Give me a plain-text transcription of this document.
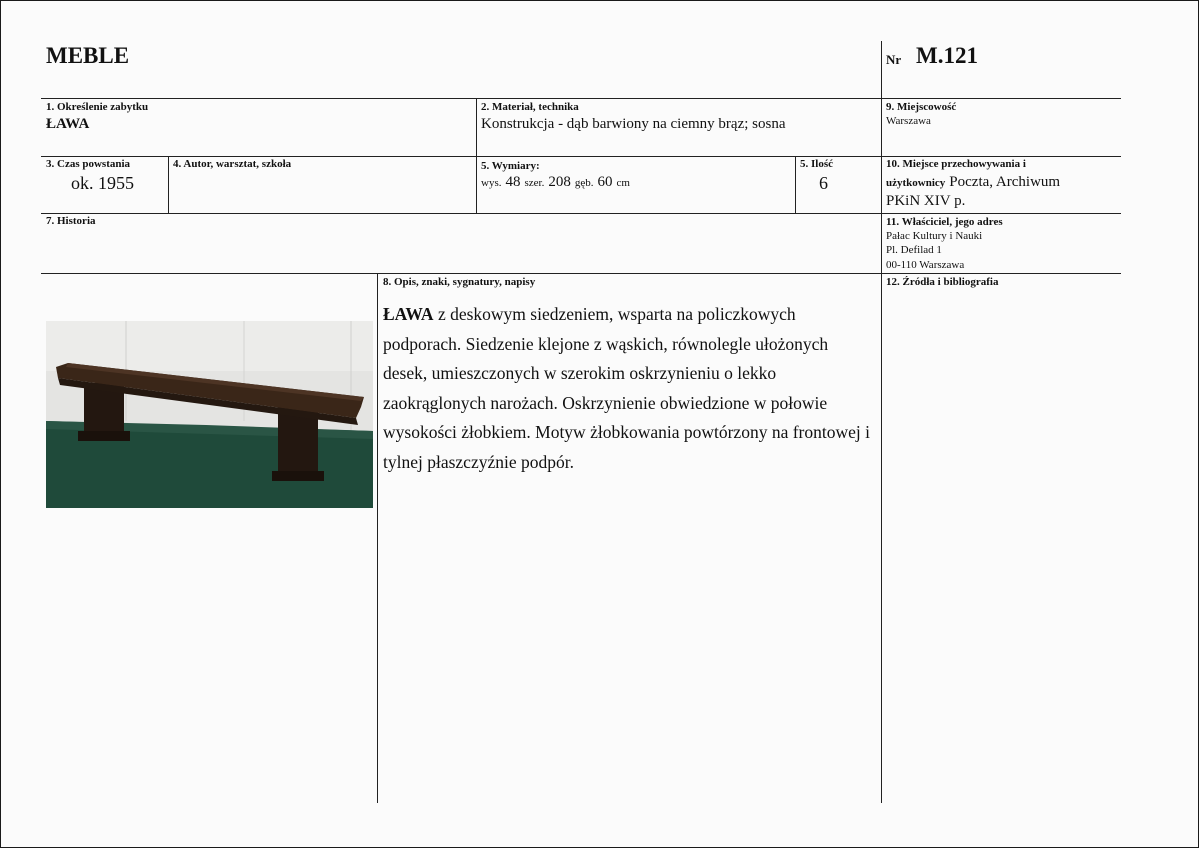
MEBLE	Nr M.121
1. Określenie zabytku
ŁAWA
2. Materiał, technika
Konstrukcja - dąb barwiony na ciemny brąz; sosna
9. Miejscowość
Warszawa
3. Czas powstania
ok. 1955
4. Autor, warsztat, szkoła	5. Wymiary:
wys. 48 szer. 208 gęb. 60 cm
5. Ilość
6
10. Miejsce przechowywania i
użytkownicy Poczta, Archiwum
PKiN XIV p.
7. Historia	11. Właściciel, jego adres
Pałac Kultury i Nauki
Pl. Defilad 1
00-110 Warszawa
8. Opis, znaki, sygnatury, napisy
ŁAWA z deskowym siedzeniem, wsparta na policzkowych podporach. Siedzenie klejone z wąskich, równolegle ułożonych desek, umieszczonych w szerokim oskrzynieniu o lekko zaokrąglonych narożach. Oskrzynienie obwiedzione w połowie wysokości żłobkiem. Motyw żłobkowania powtórzony na frontowej i tylnej płaszczyźnie podpór.
12. Źródła i bibliografia
